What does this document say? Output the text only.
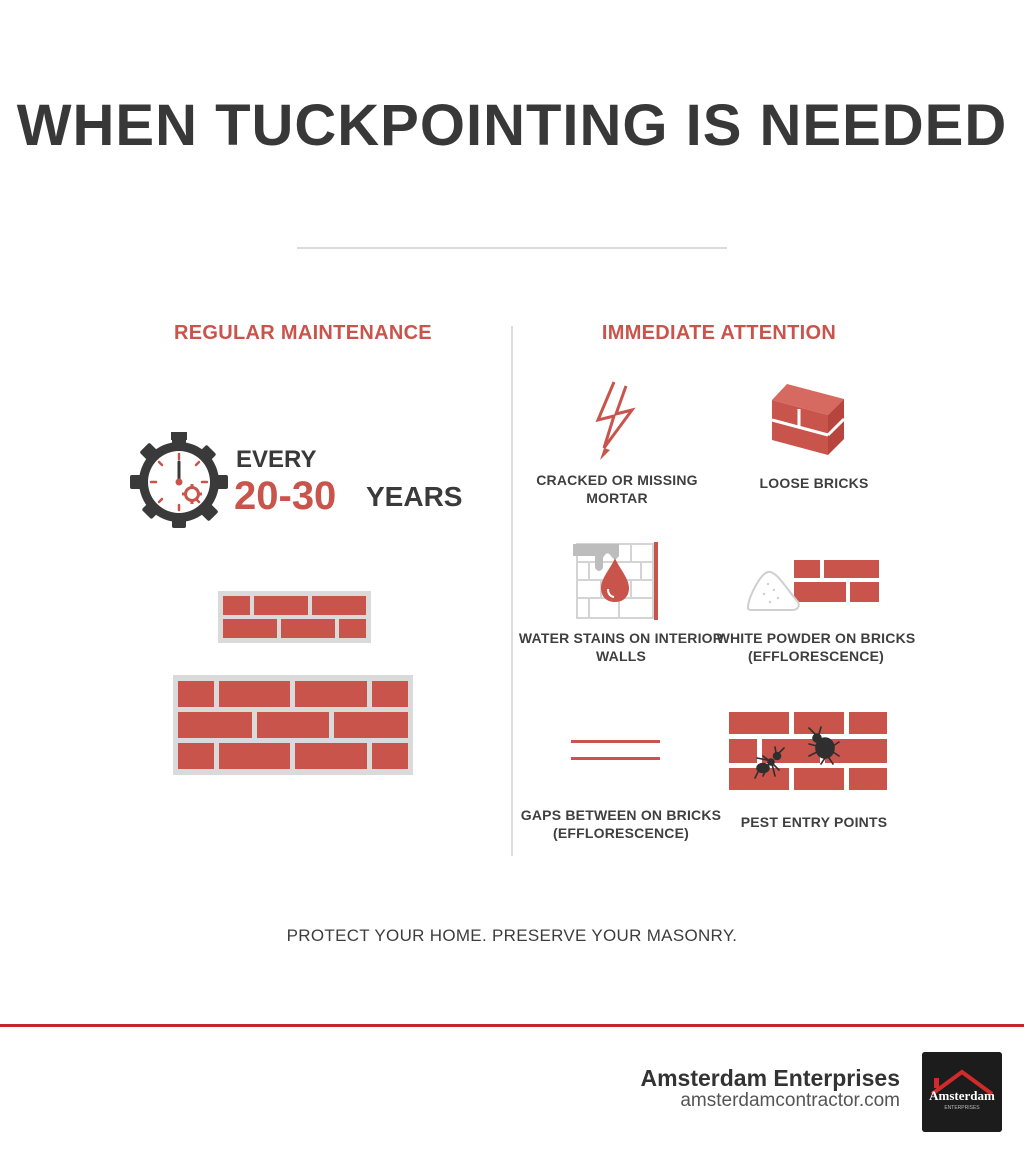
WHEN TUCKPOINTING IS NEEDED
REGULAR MAINTENANCE
EVERY
20-30 YEARS
IMMEDIATE ATTENTION
CRACKED OR MISSING MORTAR
LOOSE BRICKS
WATER STAINS ON INTERIOR WALLS
WHITE POWDER ON BRICKS (EFFLORESCENCE)
GAPS BETWEEN ON BRICKS (EFFLORESCENCE)
PEST ENTRY POINTS
PROTECT YOUR HOME. PRESERVE YOUR MASONRY.
Amsterdam Enterprises
amsterdamcontractor.com Amsterdam
ENTERPRISES
